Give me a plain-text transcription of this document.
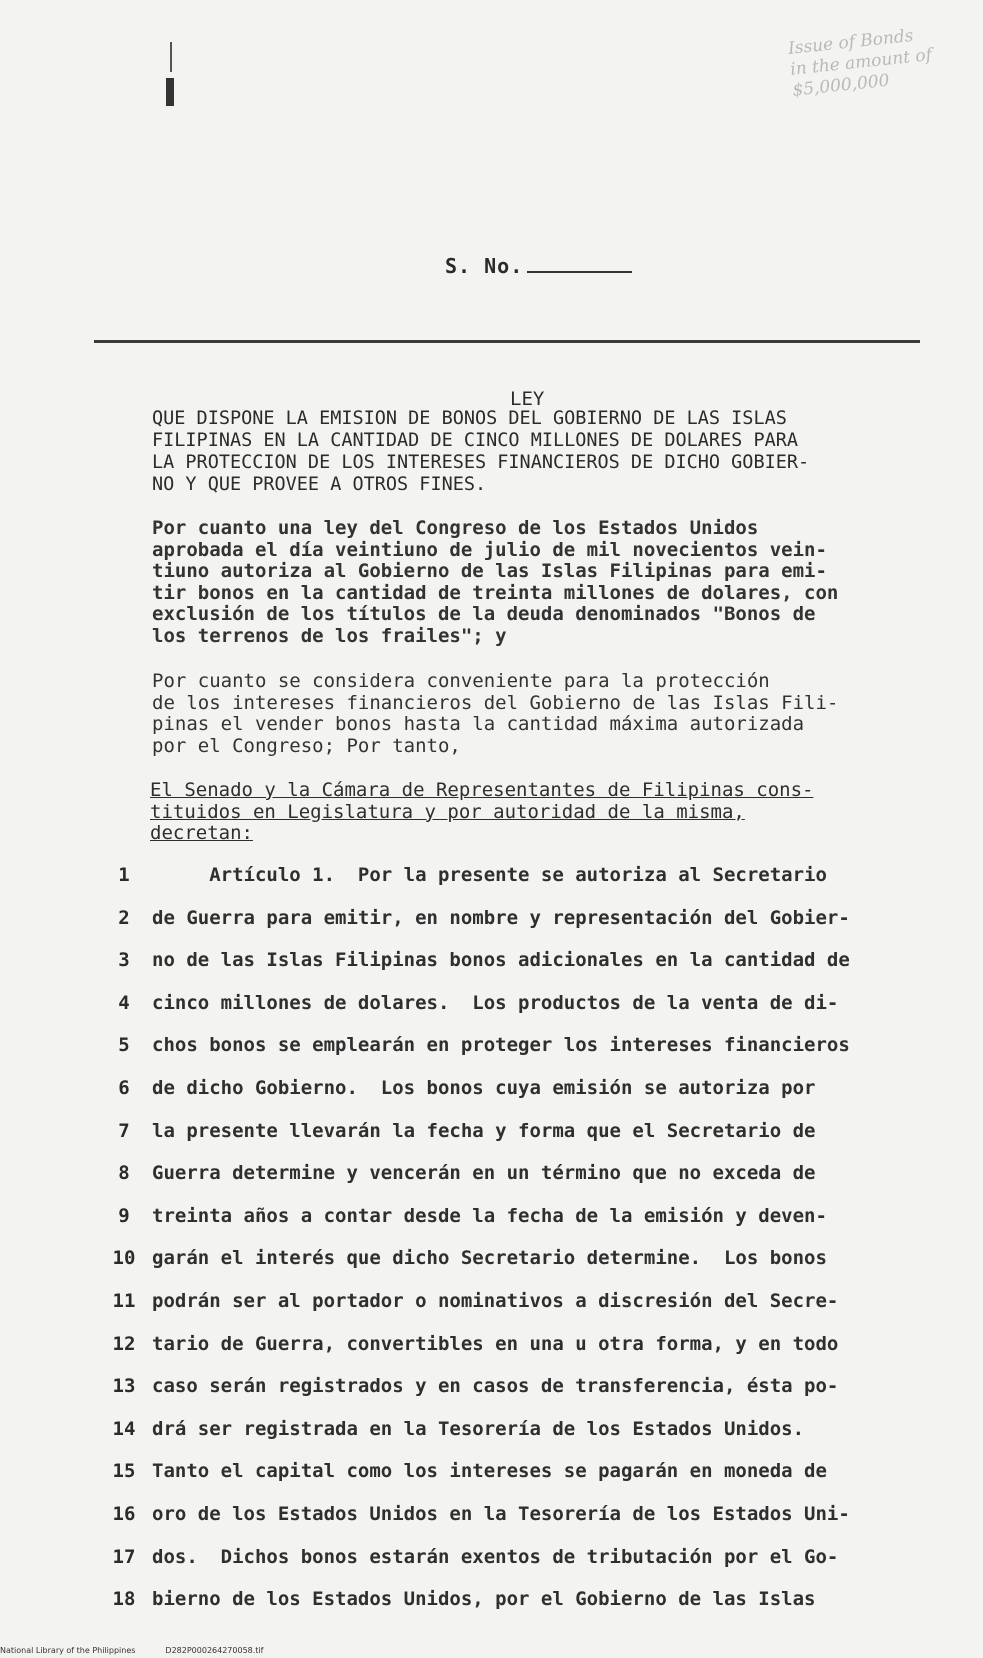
Issue of Bonds
in the amount of
$5,000,000
S. No.
LEY
QUE DISPONE LA EMISION DE BONOS DEL GOBIERNO DE LAS ISLAS
FILIPINAS EN LA CANTIDAD DE CINCO MILLONES DE DOLARES PARA
LA PROTECCION DE LOS INTERESES FINANCIEROS DE DICHO GOBIER-
NO Y QUE PROVEE A OTROS FINES.
Por cuanto una ley del Congreso de los Estados Unidos
aprobada el día veintiuno de julio de mil novecientos vein-
tiuno autoriza al Gobierno de las Islas Filipinas para emi-
tir bonos en la cantidad de treinta millones de dolares, con
exclusión de los títulos de la deuda denominados "Bonos de
los terrenos de los frailes"; y
Por cuanto se considera conveniente para la protección
de los intereses financieros del Gobierno de las Islas Fili-
pinas el vender bonos hasta la cantidad máxima autorizada
por el Congreso; Por tanto,
El Senado y la Cámara de Representantes de Filipinas cons-
tituidos en Legislatura y por autoridad de la misma,
decretan:
1	Artículo 1.  Por la presente se autoriza al Secretario
2	de Guerra para emitir, en nombre y representación del Gobier-
3	no de las Islas Filipinas bonos adicionales en la cantidad de
4	cinco millones de dolares.  Los productos de la venta de di-
5	chos bonos se emplearán en proteger los intereses financieros
6	de dicho Gobierno.  Los bonos cuya emisión se autoriza por
7	la presente llevarán la fecha y forma que el Secretario de
8	Guerra determine y vencerán en un término que no exceda de
9	treinta años a contar desde la fecha de la emisión y deven-
10 garán el interés que dicho Secretario determine.  Los bonos
11 podrán ser al portador o nominativos a discresión del Secre-
12 tario de Guerra, convertibles en una u otra forma, y en todo
13 caso serán registrados y en casos de transferencia, ésta po-
14 drá ser registrada en la Tesorería de los Estados Unidos.
15 Tanto el capital como los intereses se pagarán en moneda de
16 oro de los Estados Unidos en la Tesorería de los Estados Uni-
17 dos.  Dichos bonos estarán exentos de tributación por el Go-
18 bierno de los Estados Unidos, por el Gobierno de las Islas
National Library of the Philippines	D282P000264270058.tif
